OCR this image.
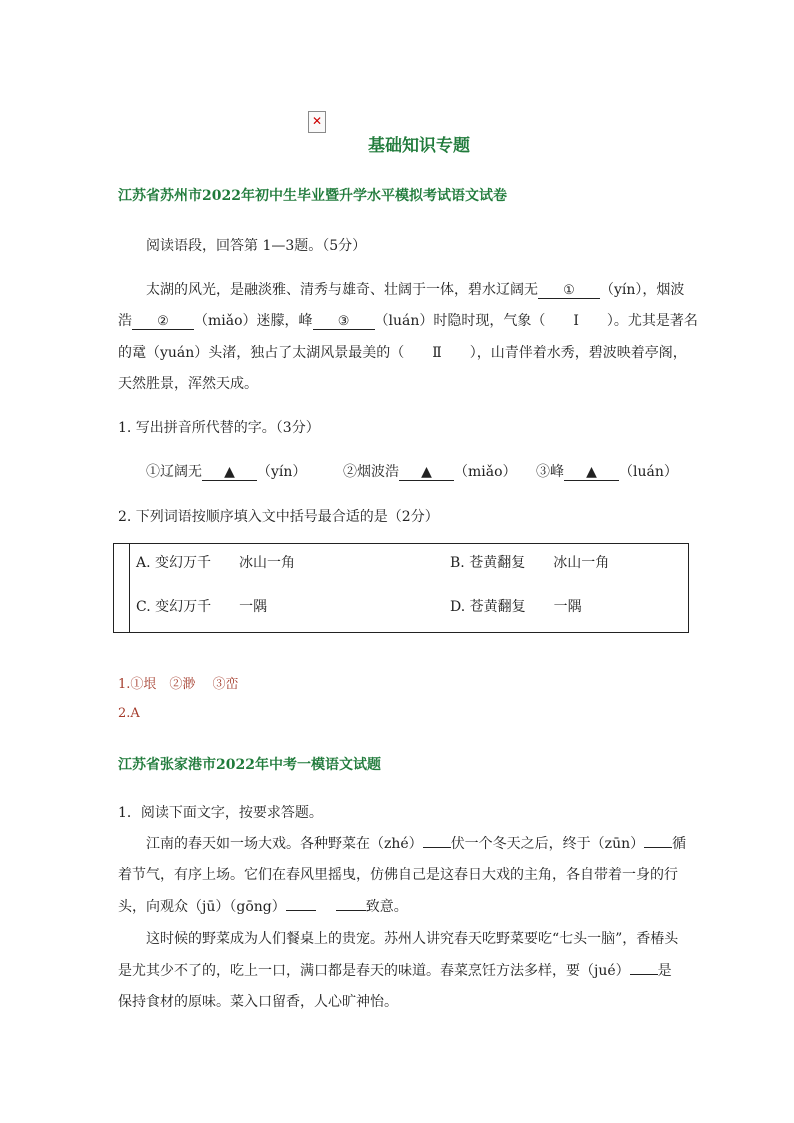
✕
基础知识专题
江苏省苏州市2022年初中生毕业暨升学水平模拟考试语文试卷
阅读语段，回答第 1—3题。（5分）
太湖的风光，是融淡雅、清秀与雄奇、壮阔于一体，碧水辽阔无 ① （yín），烟波
浩 ② （miǎo）迷朦，峰 ③ （luán）时隐时现，气象（　　Ⅰ　　）。尤其是著名
的鼋（yuán）头渚，独占了太湖风景最美的（　　Ⅱ　　），山青伴着水秀，碧波映着亭阁，
天然胜景，浑然天成。
1. 写出拼音所代替的字。（3分）
①辽阔无 ▲ （yín）	②烟波浩 ▲ （miǎo） ③峰 ▲ （luán）
2. 下列词语按顺序填入文中括号最合适的是（2分）
A. 变幻万千 冰山一角	B. 苍黄翻复 冰山一角
C. 变幻万千 一隅	D. 苍黄翻复 一隅
1.①垠　②渺　 ③峦
2.A
江苏省张家港市2022年中考一模语文试题
1．阅读下面文字，按要求答题。
江南的春天如一场大戏。各种野菜在（zhé） 伏一个冬天之后，终于（zūn） 循
着节气，有序上场。它们在春风里摇曳，仿佛自己是这春日大戏的主角，各自带着一身的行
头，向观众（jū）（gōng）	致意。
这时候的野菜成为人们餐桌上的贵宠。苏州人讲究春天吃野菜要吃“七头一脑”，香椿头
是尤其少不了的，吃上一口，满口都是春天的味道。春菜烹饪方法多样，要（jué） 是
保持食材的原味。菜入口留香，人心旷神怡。
